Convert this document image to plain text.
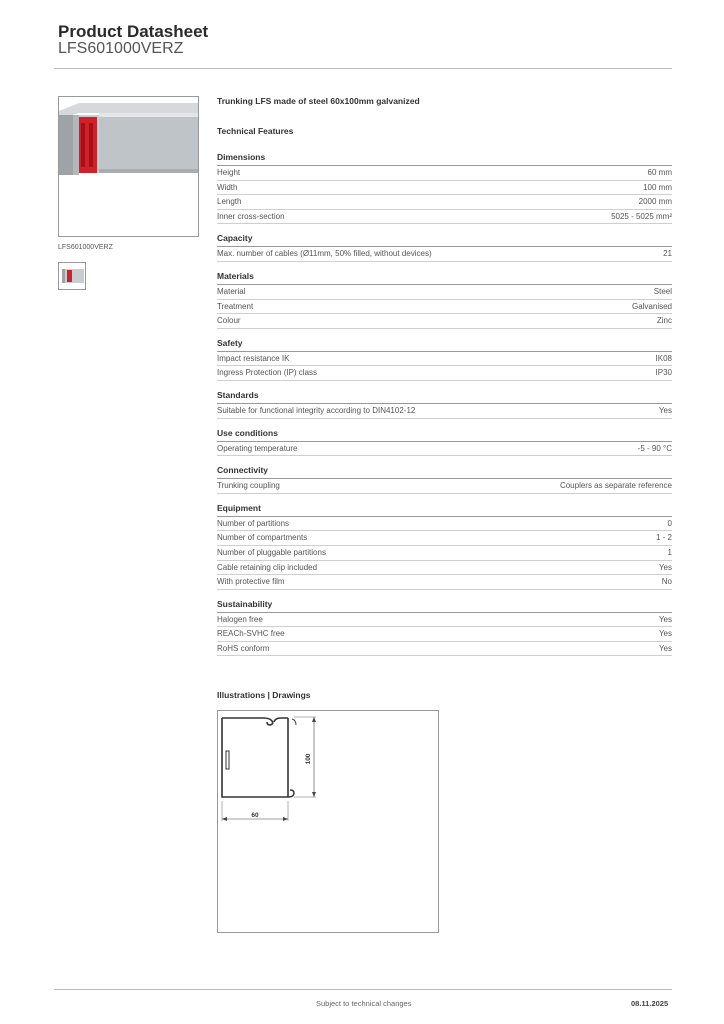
Product Datasheet
LFS601000VERZ
LFS601000VERZ
Trunking LFS made of steel 60x100mm galvanized
Technical Features
Dimensions
Height	60 mm
Width	100 mm
Length	2000 mm
Inner cross-section	5025 - 5025 mm²
Capacity
Max. number of cables (Ø11mm, 50% filled, without devices)	21
Materials
Material	Steel
Treatment	Galvanised
Colour	Zinc
Safety
Impact resistance IK	IK08
Ingress Protection (IP) class	IP30
Standards
Suitable for functional integrity according to DIN4102-12	Yes
Use conditions
Operating temperature	-5 - 90 °C
Connectivity
Trunking coupling	Couplers as separate reference
Equipment
Number of partitions	0
Number of compartments	1 - 2
Number of pluggable partitions	1
Cable retaining clip included	Yes
With protective film	No
Sustainability
Halogen free	Yes
REACh-SVHC free	Yes
RoHS conform	Yes
Illustrations | Drawings
100
60
Subject to technical changes	08.11.2025
